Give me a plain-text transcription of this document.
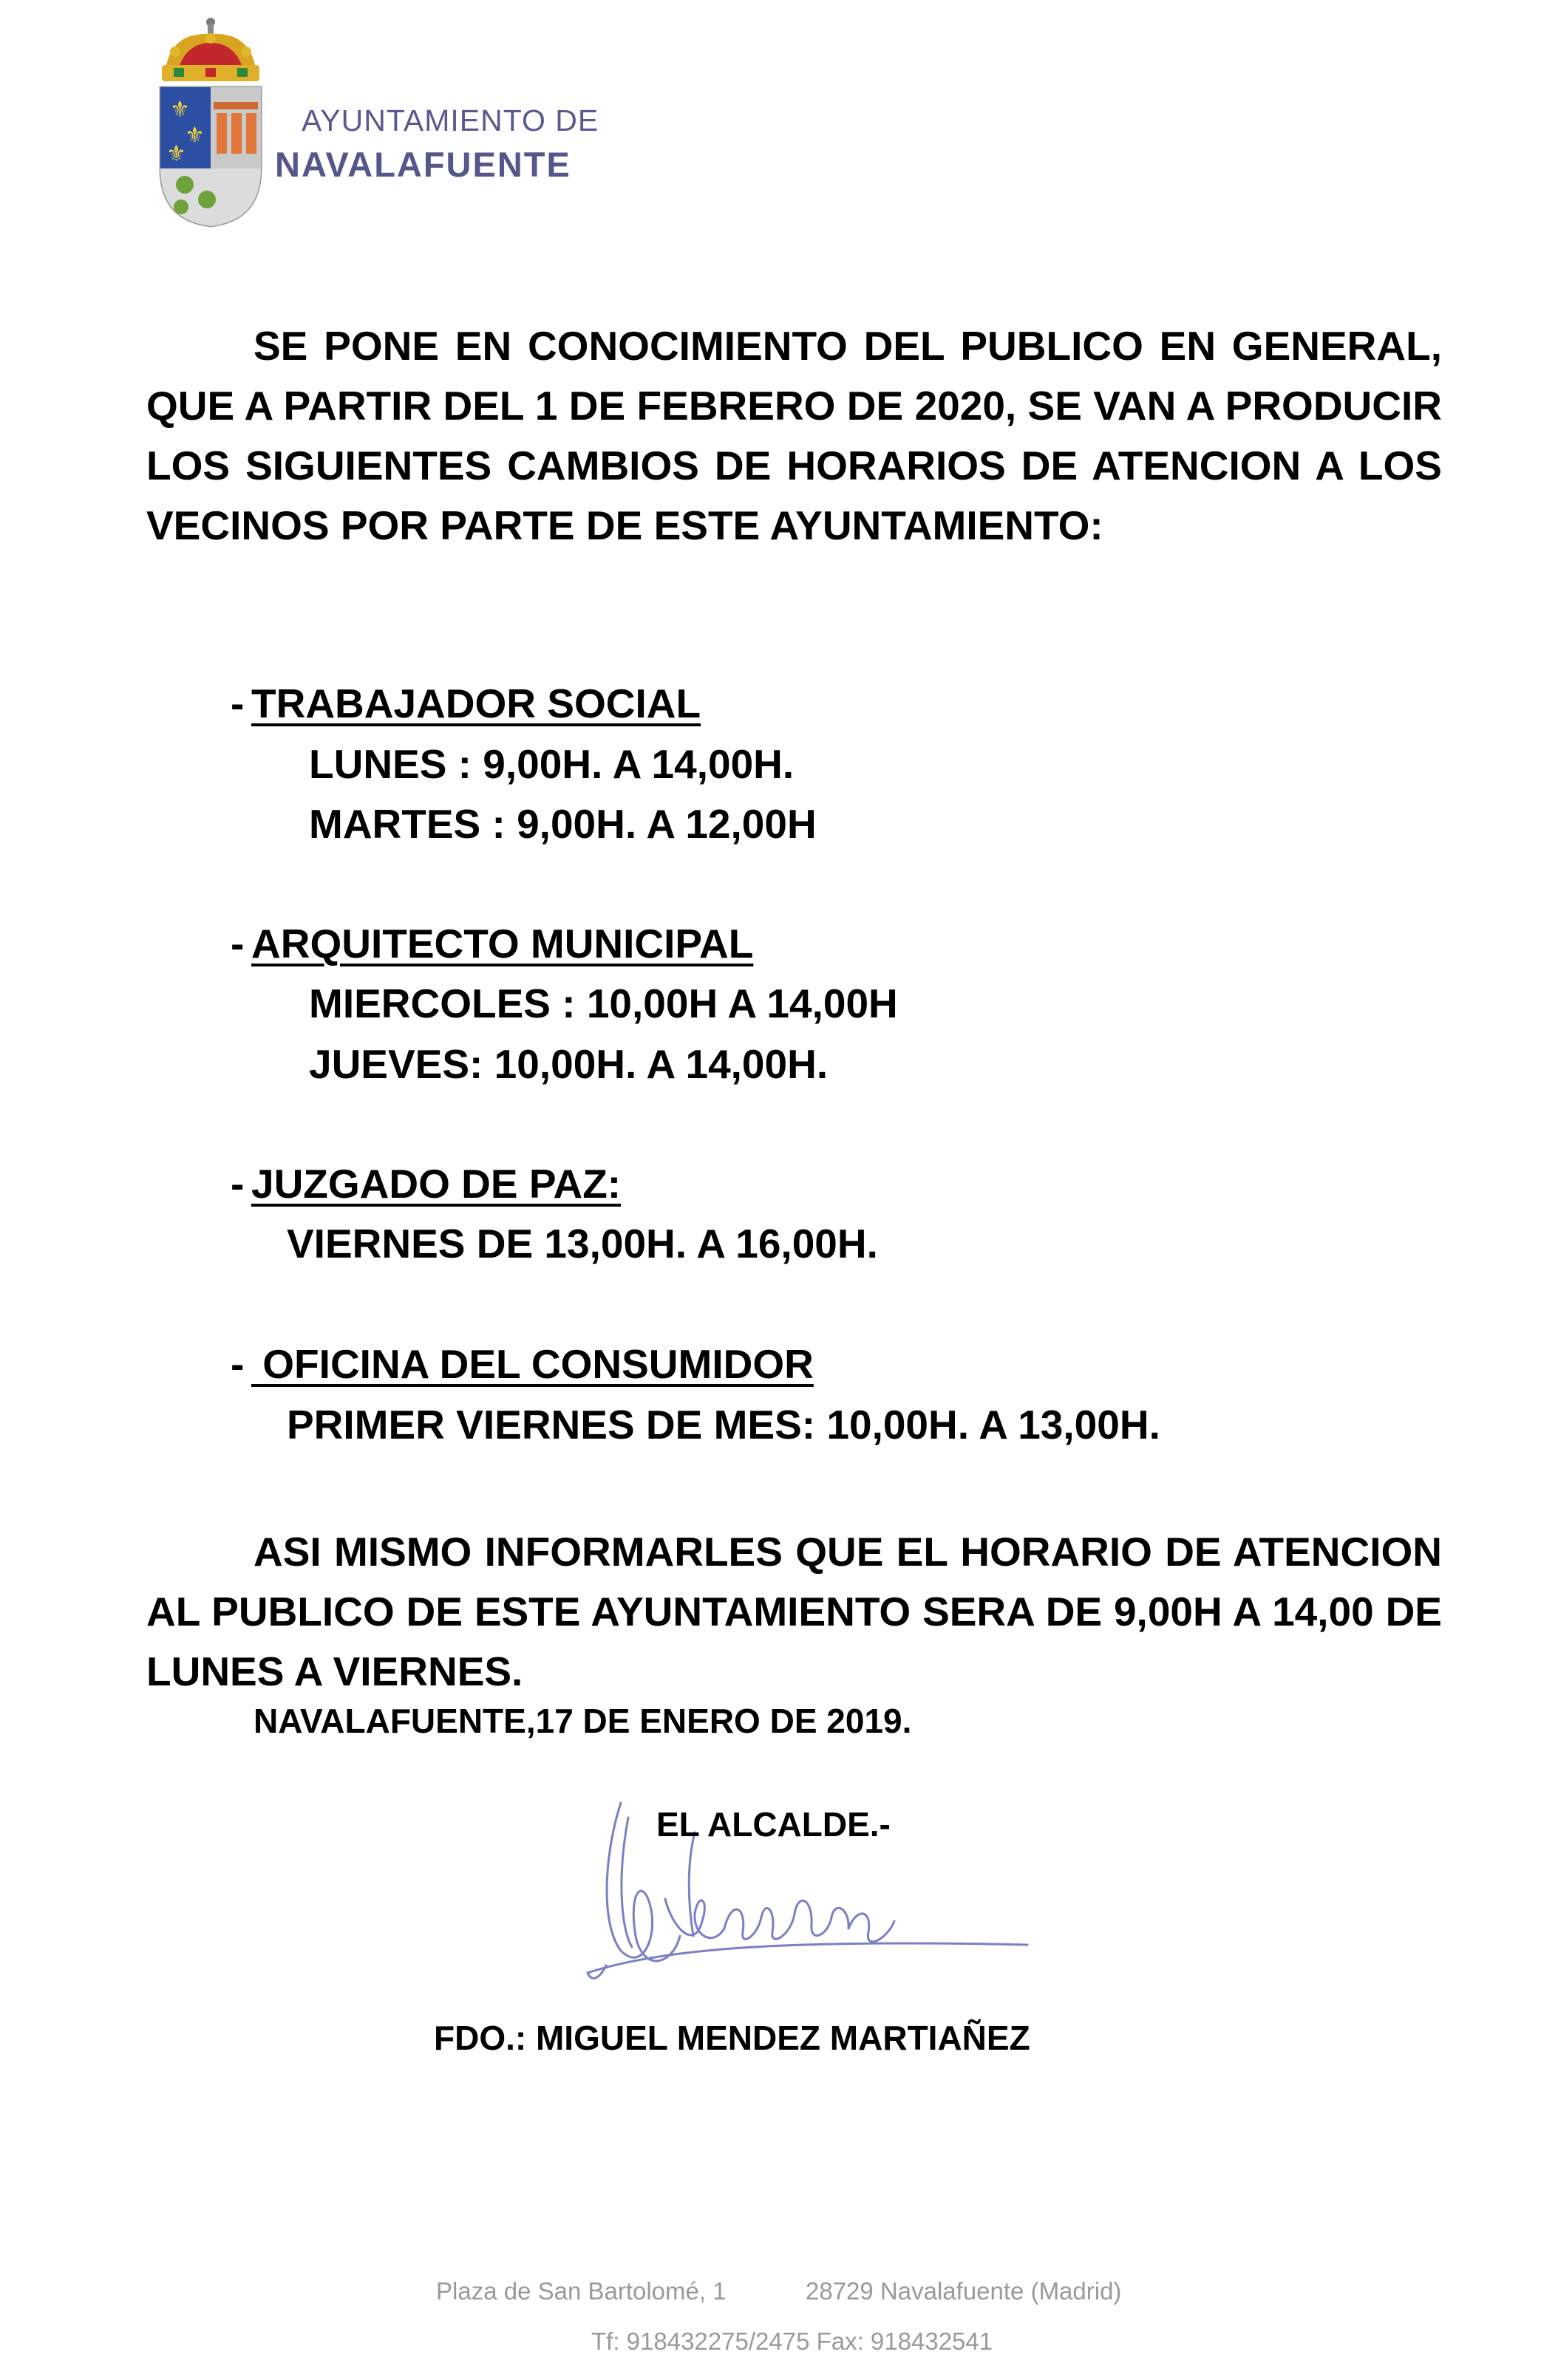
⚜
⚜
⚜
AYUNTAMIENTO DE
NAVALAFUENTE
SE PONE EN CONOCIMIENTO DEL PUBLICO EN GENERAL, QUE A PARTIR DEL 1 DE FEBRERO DE 2020, SE VAN A PRODUCIR LOS SIGUIENTES CAMBIOS DE HORARIOS DE ATENCION A LOS VECINOS POR PARTE DE ESTE AYUNTAMIENTO:
- TRABAJADOR SOCIAL
LUNES : 9,00H. A 14,00H.
MARTES : 9,00H. A 12,00H
- ARQUITECTO MUNICIPAL
MIERCOLES : 10,00H A 14,00H
JUEVES: 10,00H. A 14,00H.
- JUZGADO DE PAZ:
VIERNES DE 13,00H. A 16,00H.
- OFICINA DEL CONSUMIDOR
PRIMER VIERNES DE MES: 10,00H. A 13,00H.
ASI MISMO INFORMARLES QUE EL HORARIO DE ATENCION AL PUBLICO DE ESTE AYUNTAMIENTO SERA DE 9,00H A 14,00 DE LUNES A VIERNES.
NAVALAFUENTE,17 DE ENERO DE 2019.
EL ALCALDE.-
FDO.: MIGUEL MENDEZ MARTIAÑEZ
Plaza de San Bartolomé, 1	28729 Navalafuente (Madrid)
Tf: 918432275/2475 Fax: 918432541
